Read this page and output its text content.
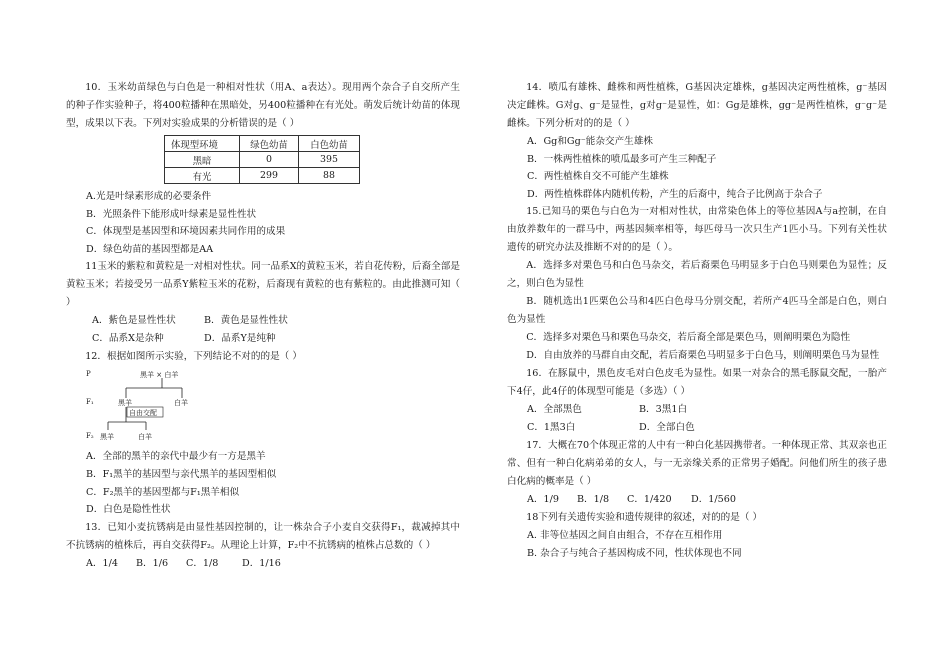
10．玉米幼苗绿色与白色是一种相对性状（用A、a表达）。现用两个杂合子自交所产生的种子作实验种子，将400粒播种在黑暗处，另400粒播种在有光处。萌发后统计幼苗的体现型，成果以下表。下列对实验成果的分析错误的是（ ）

体现型环境	绿色幼苗	白色幼苗
黑暗	0	395
有光	299	88

A.光是叶绿素形成的必要条件

B．光照条件下能形成叶绿素是显性性状

C．体现型是基因型和环境因素共同作用的成果

D．绿色幼苗的基因型都是AA

11玉米的紫粒和黄粒是一对相对性状。同一品系X的黄粒玉米，若自花传粉，后裔全部是黄粒玉米；若接受另一品系Y紫粒玉米的花粉，后裔现有黄粒的也有紫粒的。由此推测可知（ ）

A．紫色是显性性状	B．黄色是显性性状
C．品系X是杂种	D．品系Y是纯种

12．根据如图所示实验，下列结论不对的的是（ ）

P	黑羊 × 白羊
F₁	黑羊	白羊
自由交配
F₂ 黑羊	白羊

A．全部的黑羊的亲代中最少有一方是黑羊

B．F₁黑羊的基因型与亲代黑羊的基因型相似

C．F₂黑羊的基因型都与F₁黑羊相似

D．白色是隐性性状

13．已知小麦抗锈病是由显性基因控制的，让一株杂合子小麦自交获得F₁，裁减掉其中不抗锈病的植株后，再自交获得F₂。从理论上计算，F₂中不抗锈病的植株占总数的（ ）

A．1/4	B．1/6	C．1/8	D．1/16

14．喷瓜有雄株、雌株和两性植株，G基因决定雄株，g基因决定两性植株，g⁻基因决定雌株。G对g、g⁻是显性，g对g⁻是显性，如：Gg是雄株，gg⁻是两性植株，g⁻g⁻是雌株。下列分析对的的是（ ）

A．Gg和Gg⁻能杂交产生雄株

B．一株两性植株的喷瓜最多可产生三种配子

C．两性植株自交不可能产生雄株

D．两性植株群体内随机传粉，产生的后裔中，纯合子比例高于杂合子

15.已知马的栗色与白色为一对相对性状，由常染色体上的等位基因A与a控制，在自由放养数年的一群马中，两基因频率相等，每匹母马一次只生产1匹小马。下列有关性状遗传的研究办法及推断不对的的是（ ）。

A．选择多对栗色马和白色马杂交，若后裔栗色马明显多于白色马则栗色为显性；反之，则白色为显性

B．随机选出1匹栗色公马和4匹白色母马分别交配，若所产4匹马全部是白色，则白色为显性

C．选择多对栗色马和栗色马杂交，若后裔全部是栗色马，则阐明栗色为隐性

D．自由放养的马群自由交配，若后裔栗色马明显多于白色马，则阐明栗色马为显性

16．在豚鼠中，黑色皮毛对白色皮毛为显性。如果一对杂合的黑毛豚鼠交配，一胎产下4仔，此4仔的体现型可能是（多选）（ ）

A．全部黑色	B．3黑1白
C．1黑3白	D．全部白色

17．大概在70个体现正常的人中有一种白化基因携带者。一种体现正常、其双亲也正常、但有一种白化病弟弟的女人，与一无亲缘关系的正常男子婚配。问他们所生的孩子患白化病的概率是（ ）

A．1/9	B．1/8	C．1/420	D．1/560

18下列有关遗传实验和遗传规律的叙述，对的的是（ ）

A. 非等位基因之间自由组合，不存在互相作用

B. 杂合子与纯合子基因构成不同，性状体现也不同
